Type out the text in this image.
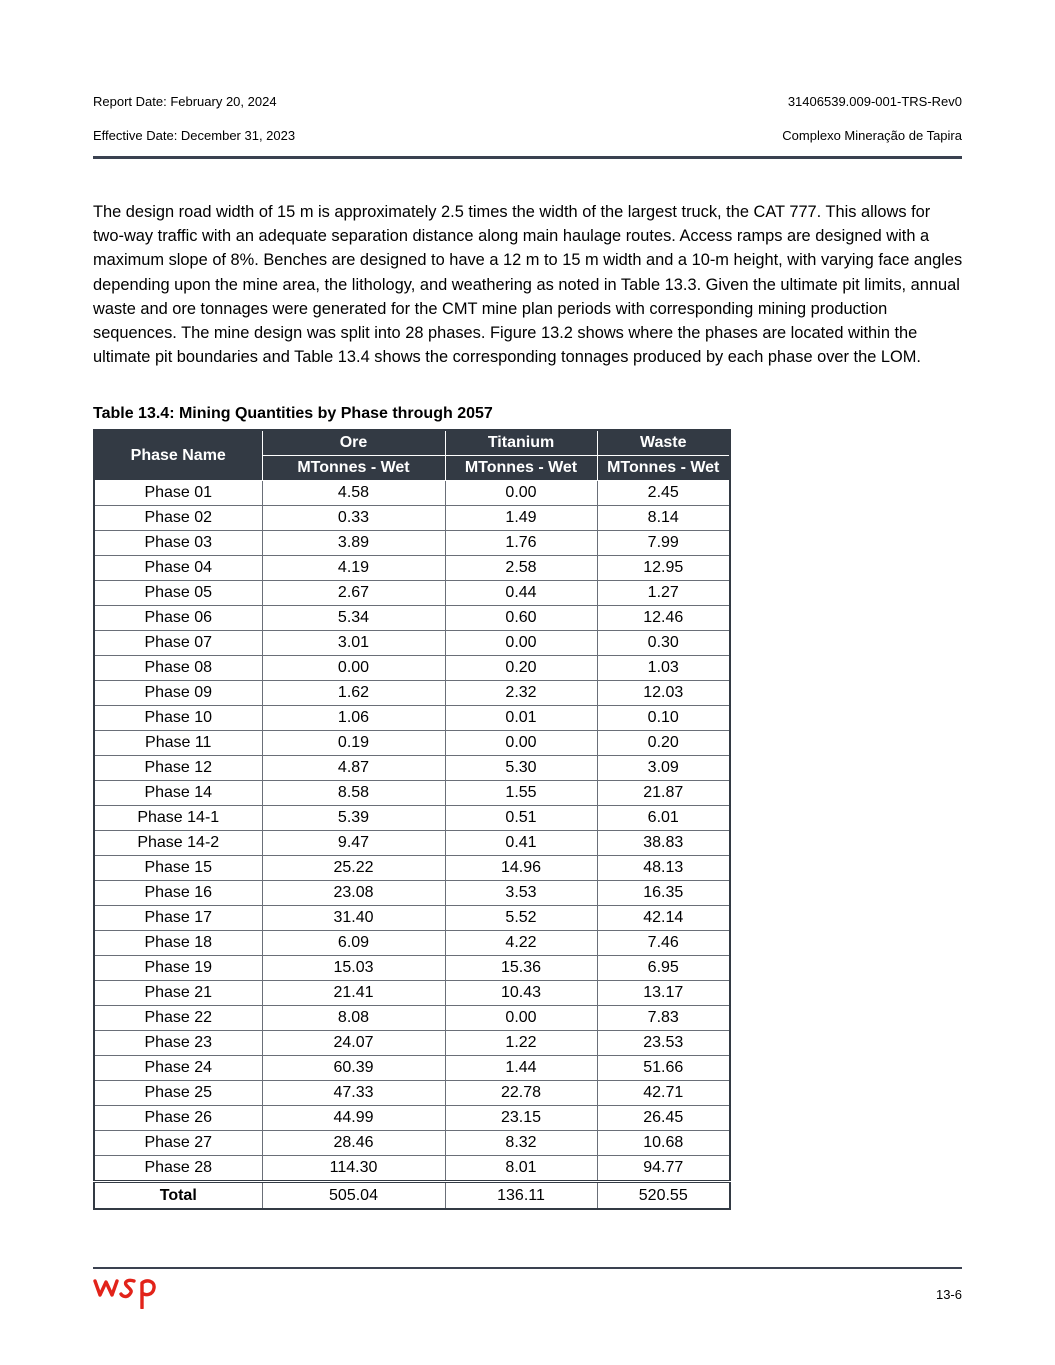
Report Date: February 20, 2024	31406539.009-001-TRS-Rev0
Effective Date: December 31, 2023	Complexo Mineração de Tapira

The design road width of 15 m is approximately 2.5 times the width of the largest truck, the CAT 777. This allows for two-way traffic with an adequate separation distance along main haulage routes. Access ramps are designed with a maximum slope of 8%. Benches are designed to have a 12 m to 15 m width and a 10-m height, with varying face angles depending upon the mine area, the lithology, and weathering as noted in Table 13.3. Given the ultimate pit limits, annual waste and ore tonnages were generated for the CMT mine plan periods with corresponding mining production sequences. The mine design was split into 28 phases. Figure 13.2 shows where the phases are located within the ultimate pit boundaries and Table 13.4 shows the corresponding tonnages produced by each phase over the LOM.

Table 13.4: Mining Quantities by Phase through 2057
Phase Name	Ore	Titanium	Waste
	MTonnes - Wet	MTonnes - Wet	MTonnes - Wet
Phase 01	4.58	0.00	2.45
Phase 02	0.33	1.49	8.14
Phase 03	3.89	1.76	7.99
Phase 04	4.19	2.58	12.95
Phase 05	2.67	0.44	1.27
Phase 06	5.34	0.60	12.46
Phase 07	3.01	0.00	0.30
Phase 08	0.00	0.20	1.03
Phase 09	1.62	2.32	12.03
Phase 10	1.06	0.01	0.10
Phase 11	0.19	0.00	0.20
Phase 12	4.87	5.30	3.09
Phase 14	8.58	1.55	21.87
Phase 14-1	5.39	0.51	6.01
Phase 14-2	9.47	0.41	38.83
Phase 15	25.22	14.96	48.13
Phase 16	23.08	3.53	16.35
Phase 17	31.40	5.52	42.14
Phase 18	6.09	4.22	7.46
Phase 19	15.03	15.36	6.95
Phase 21	21.41	10.43	13.17
Phase 22	8.08	0.00	7.83
Phase 23	24.07	1.22	23.53
Phase 24	60.39	1.44	51.66
Phase 25	47.33	22.78	42.71
Phase 26	44.99	23.15	26.45
Phase 27	28.46	8.32	10.68
Phase 28	114.30	8.01	94.77
Total	505.04	136.11	520.55
13-6
